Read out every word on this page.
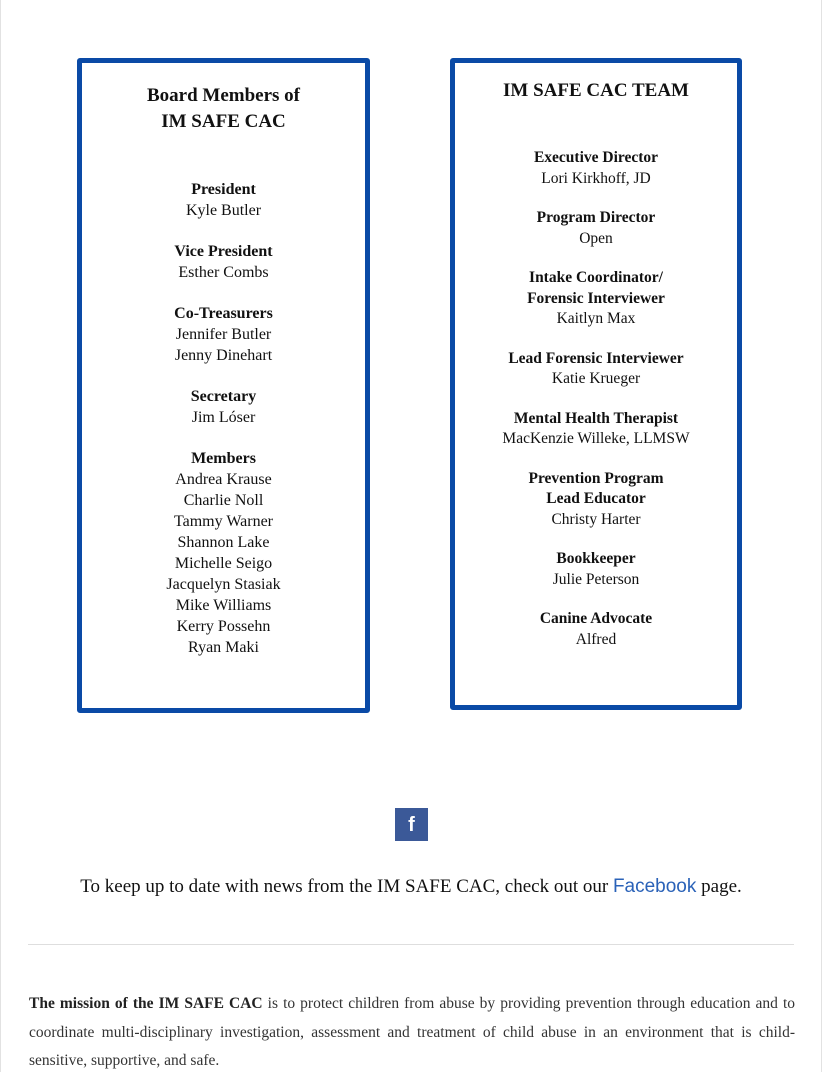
Board Members of
IM SAFE CAC
President
Kyle Butler
Vice President
Esther Combs
Co-Treasurers
Jennifer Butler
Jenny Dinehart
Secretary
Jim Lóser
Members
Andrea Krause
Charlie Noll
Tammy Warner
Shannon Lake
Michelle Seigo
Jacquelyn Stasiak
Mike Williams
Kerry Possehn
Ryan Maki
IM SAFE CAC TEAM
Executive Director
Lori Kirkhoff, JD
Program Director
Open
Intake Coordinator/
Forensic Interviewer
Kaitlyn Max
Lead Forensic Interviewer
Katie Krueger
Mental Health Therapist
MacKenzie Willeke, LLMSW
Prevention Program
Lead Educator
Christy Harter
Bookkeeper
Julie Peterson
Canine Advocate
Alfred
f
To keep up to date with news from the IM SAFE CAC, check out our Facebook page.
The mission of the IM SAFE CAC is to protect children from abuse by providing prevention through education and to coordinate multi-disciplinary investigation, assessment and treatment of child abuse in an environment that is child-sensitive, supportive, and safe.
